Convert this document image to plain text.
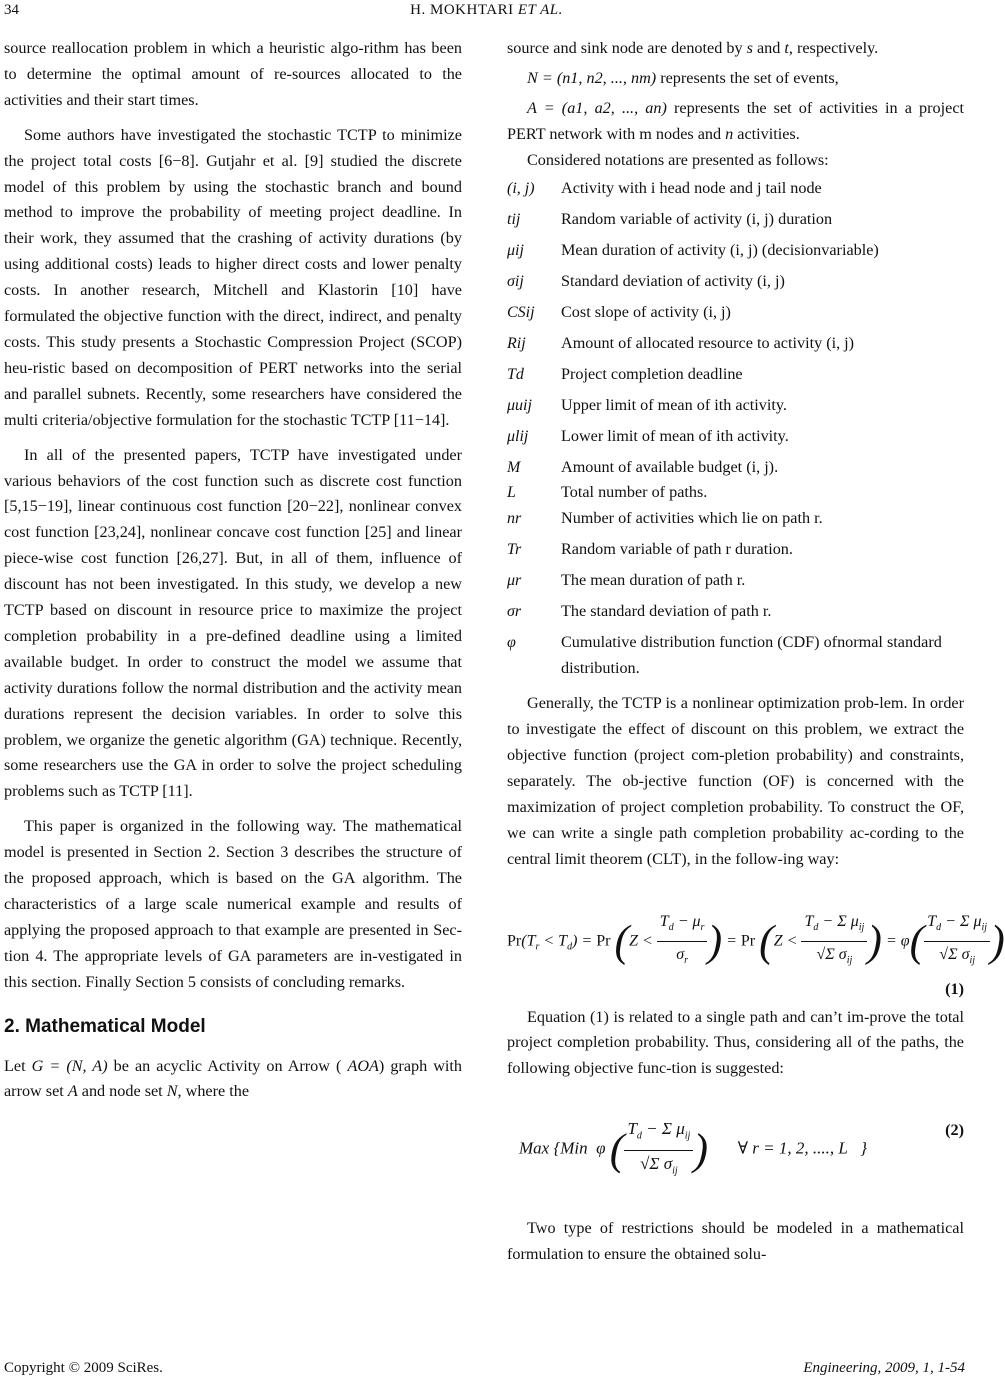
34	H. MOKHTARI ET AL.

source reallocation problem in which a heuristic algo-rithm has been to determine the optimal amount of re-sources allocated to the activities and their start times.

Some authors have investigated the stochastic TCTP to minimize the project total costs [6−8]. Gutjahr et al. [9] studied the discrete model of this problem by using the stochastic branch and bound method to improve the probability of meeting project deadline. In their work, they assumed that the crashing of activity durations (by using additional costs) leads to higher direct costs and lower penalty costs. In another research, Mitchell and Klastorin [10] have formulated the objective function with the direct, indirect, and penalty costs. This study presents a Stochastic Compression Project (SCOP) heu-ristic based on decomposition of PERT networks into the serial and parallel subnets. Recently, some researchers have considered the multi criteria/objective formulation for the stochastic TCTP [11−14].

In all of the presented papers, TCTP have investigated under various behaviors of the cost function such as discrete cost function [5,15−19], linear continuous cost function [20−22], nonlinear convex cost function [23,24], nonlinear concave cost function [25] and linear piece-wise cost function [26,27]. But, in all of them, influence of discount has not been investigated. In this study, we develop a new TCTP based on discount in resource price to maximize the project completion probability in a pre-defined deadline using a limited available budget. In order to construct the model we assume that activity durations follow the normal distribution and the activity mean durations represent the decision variables. In order to solve this problem, we organize the genetic algorithm (GA) technique. Recently, some researchers use the GA in order to solve the project scheduling problems such as TCTP [11].

This paper is organized in the following way. The mathematical model is presented in Section 2. Section 3 describes the structure of the proposed approach, which is based on the GA algorithm. The characteristics of a large scale numerical example and results of applying the proposed approach to that example are presented in Sec-tion 4. The appropriate levels of GA parameters are in-vestigated in this section. Finally Section 5 consists of concluding remarks.

2. Mathematical Model

Let G = (N, A) be an acyclic Activity on Arrow ( AOA) graph with arrow set A and node set N, where the

source and sink node are denoted by s and t, respectively.

N = (n1, n2, ..., nm) represents the set of events,

A = (a1, a2, ..., an) represents the set of activities in a project PERT network with m nodes and n activities.

Considered notations are presented as follows:

(i, j)	Activity with i head node and j tail node
tij	Random variable of activity (i, j) duration
μij	Mean duration of activity (i, j) (decisionvariable)
σij	Standard deviation of activity (i, j)
CSij	Cost slope of activity (i, j)
Rij	Amount of allocated resource to activity (i, j)
Td	Project completion deadline
μuij	Upper limit of mean of ith activity.
μlij	Lower limit of mean of ith activity.
M	Amount of available budget (i, j).
L	Total number of paths.
nr	Number of activities which lie on path r.
Tr	Random variable of path r duration.
μr	The mean duration of path r.
σr	The standard deviation of path r.
φ	Cumulative distribution function (CDF) ofnormal standard distribution.

Generally, the TCTP is a nonlinear optimization prob-lem. In order to investigate the effect of discount on this problem, we extract the objective function (project com-pletion probability) and constraints, separately. The ob-jective function (OF) is concerned with the maximization of project completion probability. To construct the OF, we can write a single path completion probability ac-cording to the central limit theorem (CLT), in the follow-ing way:

$Pr(T_r < T_d) = Pr$ ($Z < \frac{T_d - \mu_r}{\sigma_r}$ ) = Pr ($Z < \frac{T_d - \Sigma \mu_{ij}}{√\Sigma \sigma_{ij}}$ ) = $\varphi( \frac{T_d - \Sigma \mu_{ij}}{√\Sigma \sigma_{ij}}$ )
(1)

Equation (1) is related to a single path and can’t im-prove the total project completion probability. Thus, considering all of the paths, the following objective func-tion is suggested:

Max {Min  φ ( $\frac{T_d - \Sigma \mu_{ij}}{√\Sigma \sigma_{ij}}$ )       ∀ r = 1, 2, ...., L   }
(2)

Two type of restrictions should be modeled in a mathematical formulation to ensure the obtained solu-

Copyright © 2009 SciRes.	Engineering, 2009, 1, 1-54
